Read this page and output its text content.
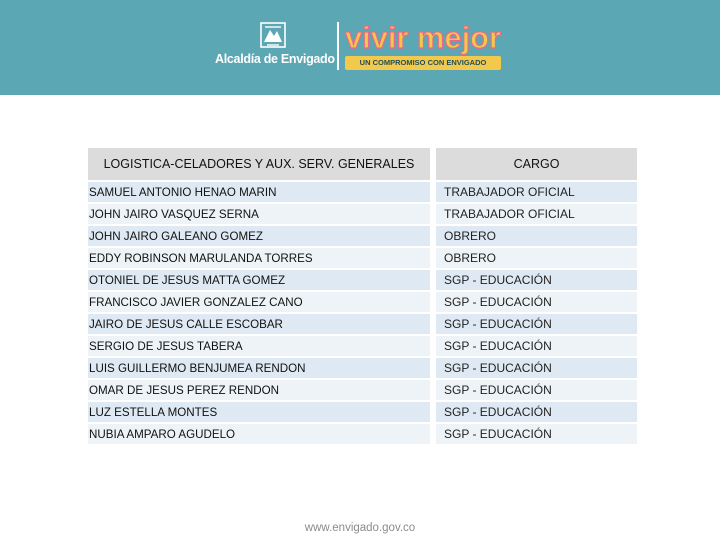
Alcaldía de Envigado
vivir mejor
UN COMPROMISO CON ENVIGADO
LOGISTICA-CELADORES Y AUX. SERV. GENERALES	CARGO
SAMUEL ANTONIO HENAO MARIN	TRABAJADOR OFICIAL
JOHN JAIRO VASQUEZ SERNA	TRABAJADOR OFICIAL
JOHN JAIRO GALEANO GOMEZ	OBRERO
EDDY ROBINSON MARULANDA TORRES	OBRERO
OTONIEL DE JESUS MATTA GOMEZ	SGP - EDUCACIÓN
FRANCISCO JAVIER GONZALEZ CANO	SGP - EDUCACIÓN
JAIRO DE JESUS CALLE ESCOBAR	SGP - EDUCACIÓN
SERGIO DE JESUS TABERA	SGP - EDUCACIÓN
LUIS GUILLERMO BENJUMEA RENDON	SGP - EDUCACIÓN
OMAR DE JESUS PEREZ RENDON	SGP - EDUCACIÓN
LUZ ESTELLA MONTES	SGP - EDUCACIÓN
NUBIA AMPARO AGUDELO	SGP - EDUCACIÓN
www.envigado.gov.co
